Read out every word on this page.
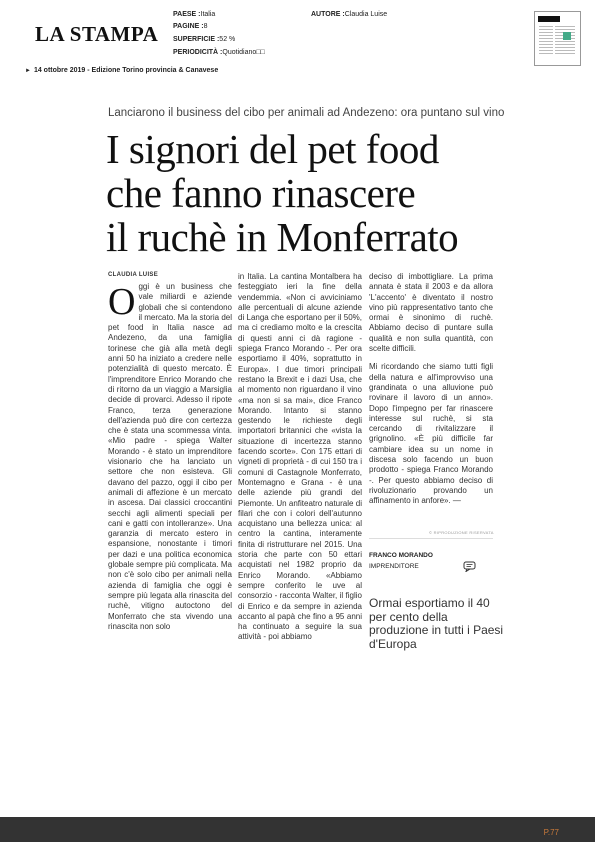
LA STAMPA
PAESE :Italia
PAGINE :8
SUPERFICIE :52 %
PERIODICITÀ :Quotidiano□□
AUTORE :Claudia Luise
► 14 ottobre 2019 - Edizione Torino provincia & Canavese
Lanciarono il business del cibo per animali ad Andezeno: ora puntano sul vino
I signori del pet food
che fanno rinascere
il ruchè in Monferrato
CLAUDIA LUISE
Oggi è un business che vale miliardi e aziende globali che si contendono il mercato. Ma la storia del pet food in Italia nasce ad Andezeno, da una famiglia torinese che già alla metà degli anni 50 ha iniziato a credere nelle potenzialità di questo mercato. È l'imprenditore Enrico Morando che di ritorno da un viaggio a Marsiglia decide di provarci. Adesso il ripote Franco, terza generazione dell'azienda può dire con certezza che è stata una scommessa vinta. «Mio padre - spiega Walter Morando - è stato un imprenditore visionario che ha lanciato un settore che non esisteva. Gli davano del pazzo, oggi il cibo per animali di affezione è un mercato in ascesa. Dai classici croccantini secchi agli alimenti speciali per cani e gatti con intolleranze». Una garanzia di mercato estero in espansione, nonostante i timori per dazi e una politica economica globale sempre più complicata. Ma non c'è solo cibo per animali nella azienda di famiglia che oggi è sempre più legata alla rinascita del ruchè, vitigno autoctono del Monferrato che sta vivendo una rinascita non solo
in Italia. La cantina Montalbera ha festeggiato ieri la fine della vendemmia. «Non ci avviciniamo alle percentuali di alcune aziende di Langa che esportano per il 50%, ma ci crediamo molto e la crescita di questi anni ci dà ragione - spiega Franco Morando -. Per ora esportiamo il 40%, soprattutto in Europa». I due timori principali restano la Brexit e i dazi Usa, che al momento non riguardano il vino «ma non si sa mai», dice Franco Morando. Intanto si stanno gestendo le richieste degli importatori britannici che «vista la situazione di incertezza stanno facendo scorte». Con 175 ettari di vigneti di proprietà - di cui 150 tra i comuni di Castagnole Monferrato, Montemagno e Grana - è una delle aziende più grandi del Piemonte. Un anfiteatro naturale di filari che con i colori dell'autunno acquistano una bellezza unica: al centro la cantina, interamente finita di ristrutturare nel 2015. Una storia che parte con 50 ettari acquistati nel 1982 proprio da Enrico Morando. «Abbiamo sempre conferito le uve al consorzio - racconta Walter, il figlio di Enrico e da sempre in azienda accanto al papà che fino a 95 anni ha continuato a seguire la sua attività - poi abbiamo
deciso di imbottigliare. La prima annata è stata il 2003 e da allora 'L'accento' è diventato il nostro vino più rappresentativo tanto che ormai è sinonimo di ruchè. Abbiamo deciso di puntare sulla qualità e non sulla quantità, con scelte difficili.
Mi ricordando che siamo tutti figli della natura e all'improvviso una grandinata o una alluvione può rovinare il lavoro di un anno». Dopo l'impegno per far rinascere interesse sul ruchè, si sta cercando di rivitalizzare il grignolino. «È più difficile far cambiare idea su un nome in discesa solo facendo un buon prodotto - spiega Franco Morando -. Per questo abbiamo deciso di rivoluzionario provando un affinamento in anfore». —
© RIPRODUZIONE RISERVATA
FRANCO MORANDO
IMPRENDITORE
Ormai esportiamo il 40 per cento della produzione in tutti i Paesi d'Europa
P.77
